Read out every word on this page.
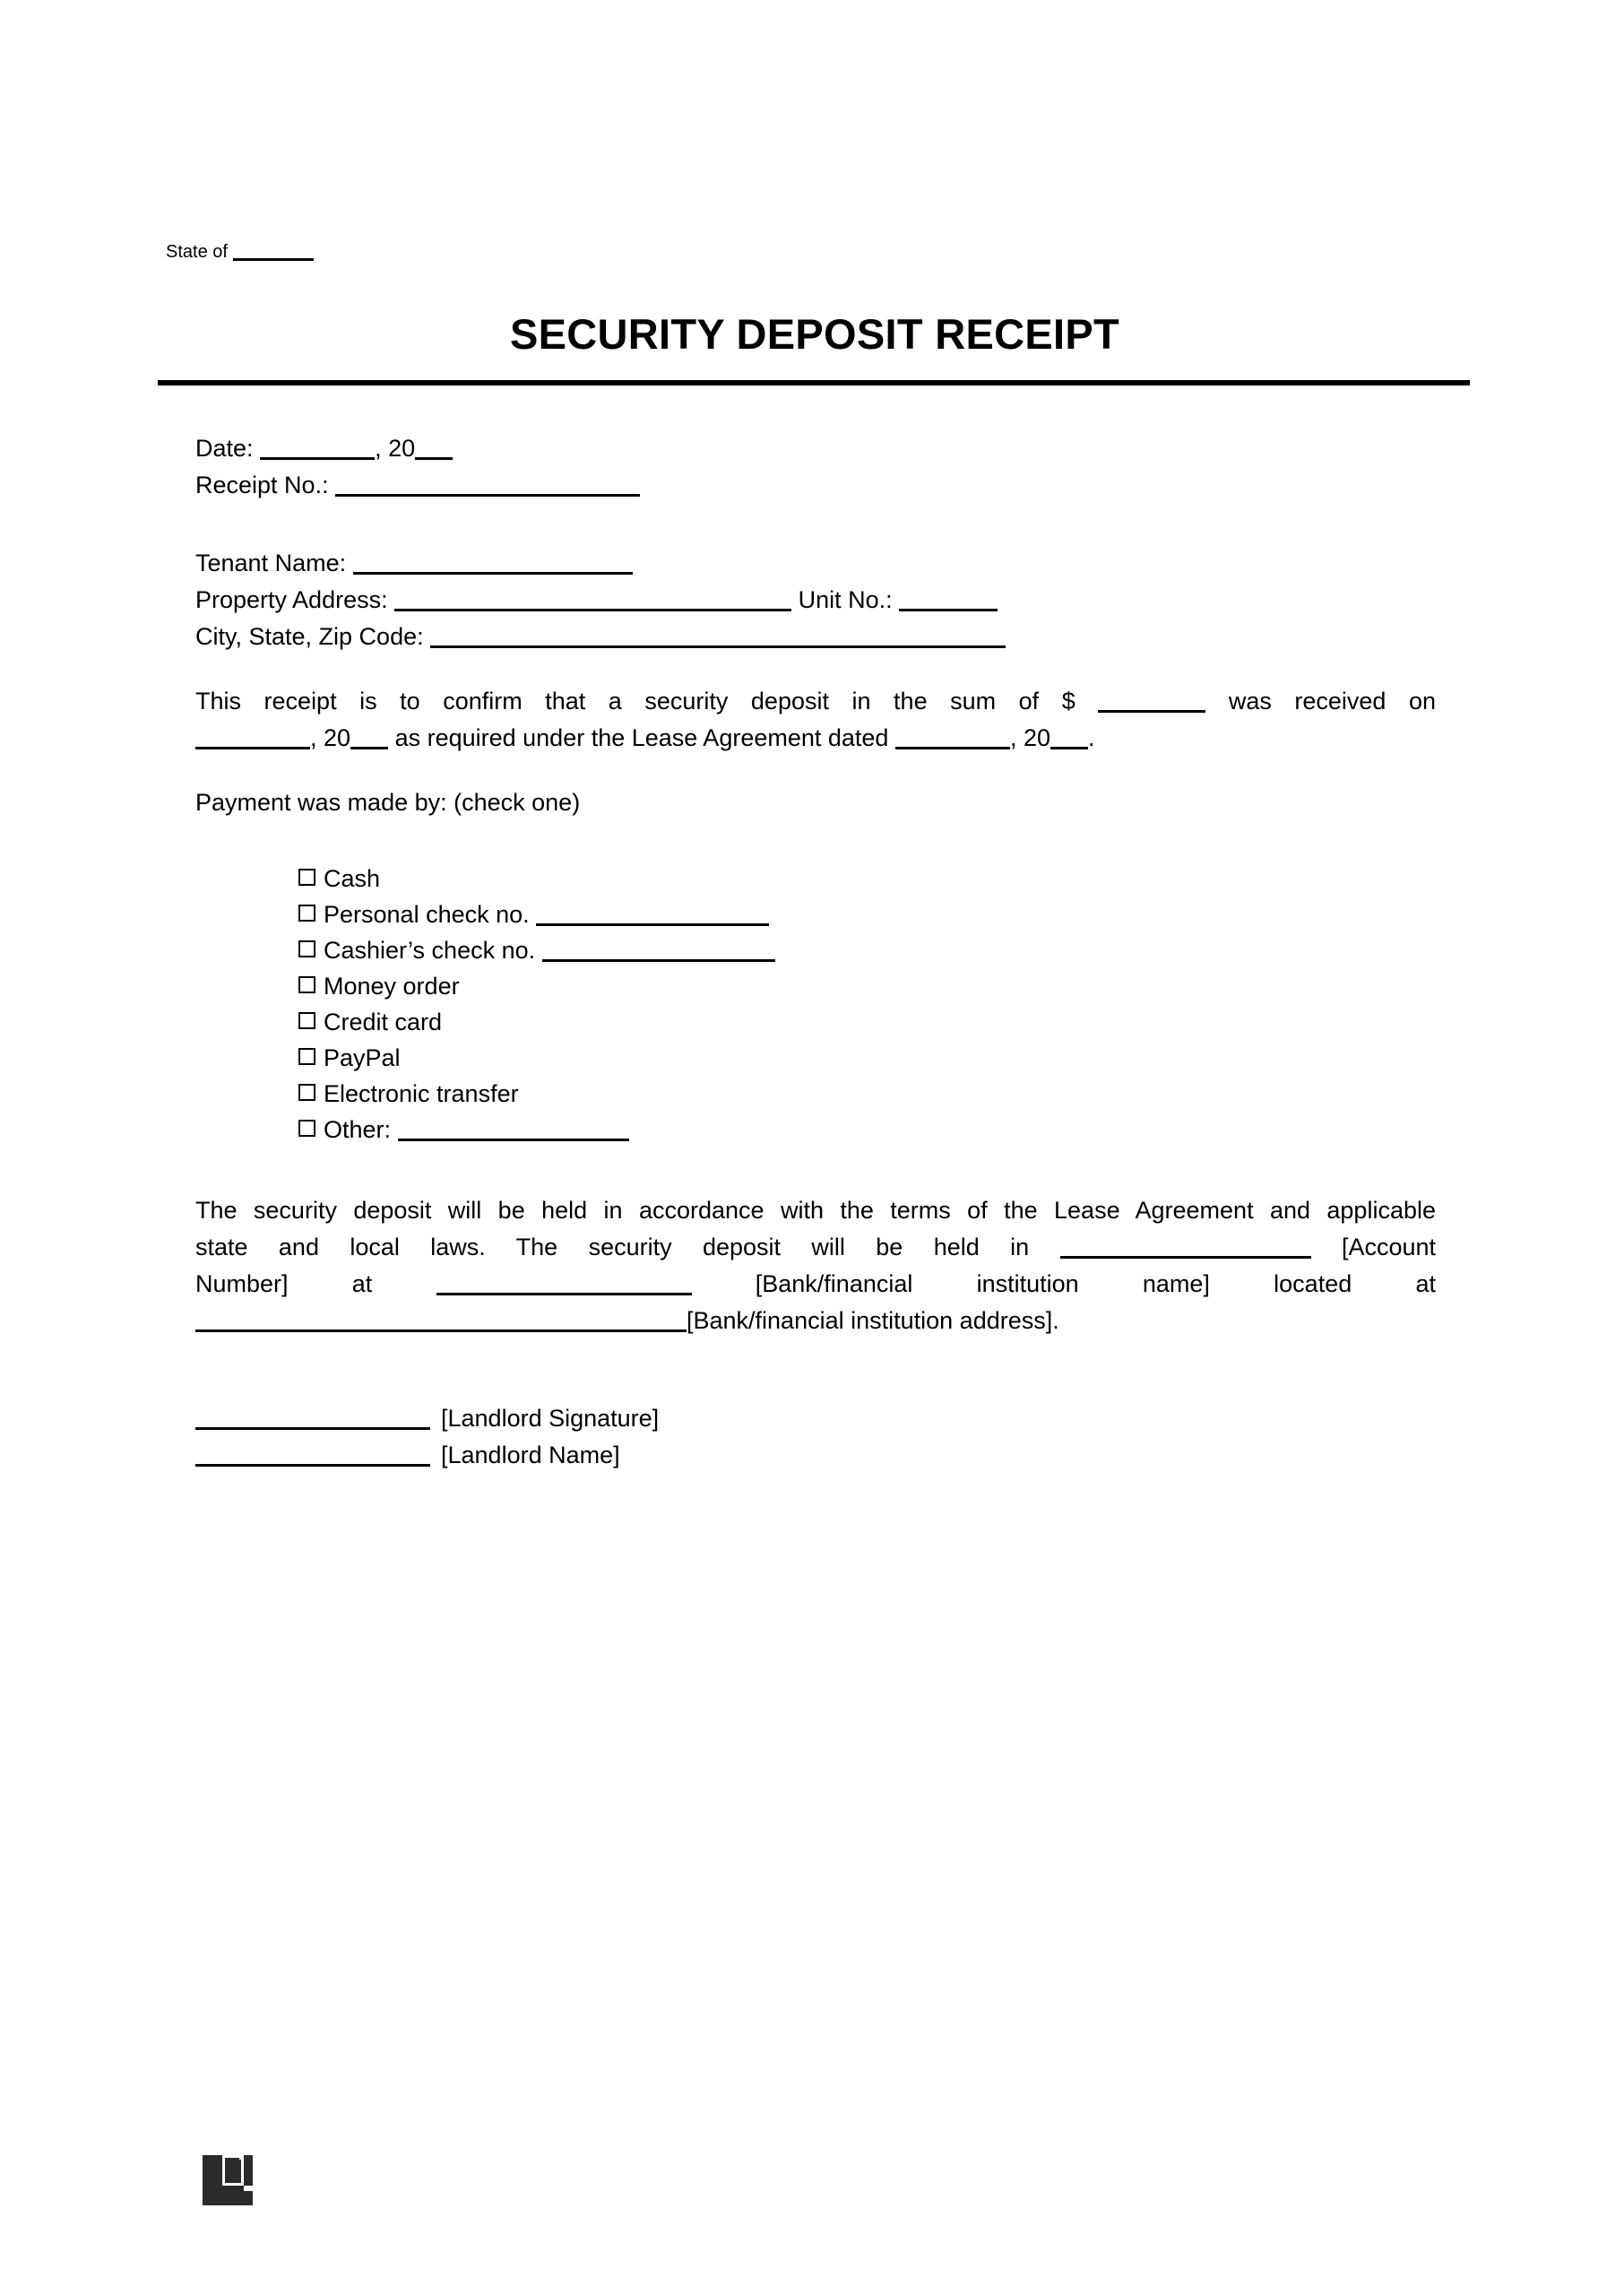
State of
SECURITY DEPOSIT RECEIPT
Date:	, 20
Receipt No.:
Tenant Name:
Property Address:	Unit No.:
City, State, Zip Code:
This receipt is to confirm that a security deposit in the sum of $	was received on
, 20 as required under the Lease Agreement dated	, 20 .
Payment was made by: (check one)
Cash
Personal check no.
Cashier’s check no.
Money order
Credit card
PayPal
Electronic transfer
Other:
The security deposit will be held in accordance with the terms of the Lease Agreement and applicable
state and local laws. The security deposit will be held in	[Account
Number]	at	[Bank/financial institution name] located at
[Bank/financial institution address].
[Landlord Signature]
[Landlord Name]
